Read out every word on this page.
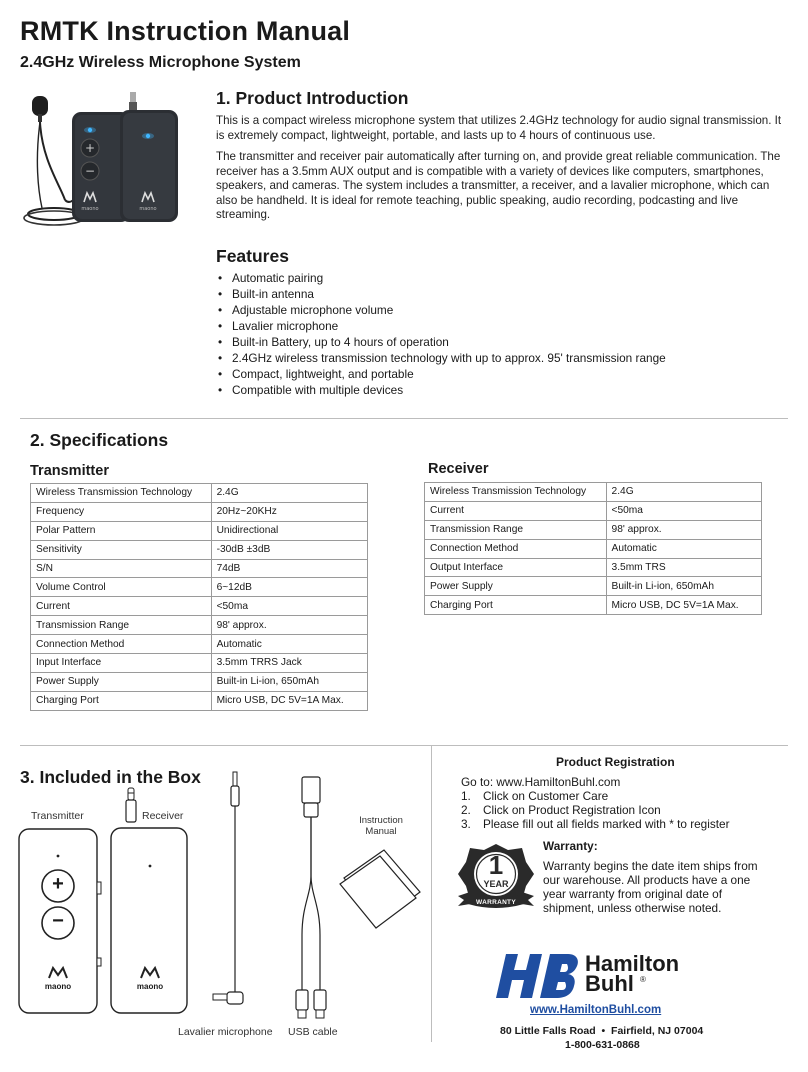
RMTK Instruction Manual
2.4GHz Wireless Microphone System
+
−
maono	maono
1. Product Introduction

This is a compact wireless microphone system that utilizes 2.4GHz technology for audio signal transmission. It is extremely compact, lightweight, portable, and lasts up to 4 hours of continuous use.

The transmitter and receiver pair automatically after turning on, and provide great reliable communication. The receiver has a 3.5mm AUX output and is compatible with a variety of devices like computers, smartphones, speakers, and cameras. The system includes a transmitter, a receiver, and a lavalier microphone, which can also be handheld. It is ideal for remote teaching, public speaking, audio recording, podcasting and live streaming.

Features
• Automatic pairing
• Built-in antenna
• Adjustable microphone volume
• Lavalier microphone
• Built-in Battery, up to 4 hours of operation
• 2.4GHz wireless transmission technology with up to approx. 95' transmission range
• Compact, lightweight, and portable
• Compatible with multiple devices
2. Specifications
Transmitter
Wireless Transmission Technology	2.4G
Frequency	20Hz~20KHz
Polar Pattern	Unidirectional
Sensitivity	-30dB ±3dB
S/N	74dB
Volume Control	6~12dB
Current	<50ma
Transmission Range	98' approx.
Connection Method	Automatic
Input Interface	3.5mm TRRS Jack
Power Supply	Built-in Li-ion, 650mAh
Charging Port	Micro USB, DC 5V=1A Max.
Receiver
Wireless Transmission Technology	2.4G
Current	<50ma
Transmission Range	98' approx.
Connection Method	Automatic
Output Interface	3.5mm TRS
Power Supply	Built-in Li-ion, 650mAh
Charging Port	Micro USB, DC 5V=1A Max.
3. Included in the Box
Transmitter	Receiver
+
−
maono	maono
Lavalier microphone USB cable
Instruction
Manual
Product Registration

Go to: www.HamiltonBuhl.com

1. Click on Customer Care
2. Click on Product Registration Icon
3. Please fill out all fields marked with * to register
1
YEAR
WARRANTY
Warranty:

Warranty begins the date item ships from our warehouse. All products have a one year warranty from original date of shipment, unless otherwise noted.

Hamilton
Buhl ®
www.HamiltonBuhl.com
80 Little Falls Road  •  Fairfield, NJ 07004
1-800-631-0868
